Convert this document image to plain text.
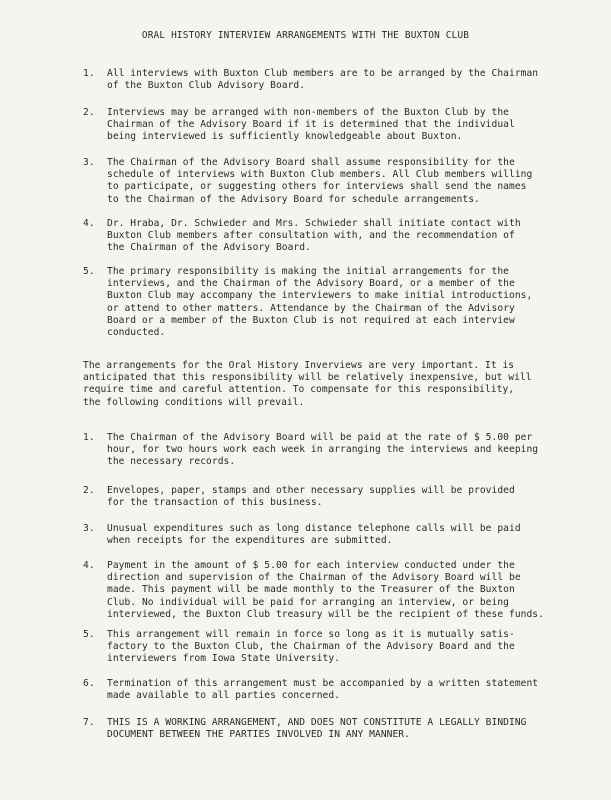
ORAL HISTORY INTERVIEW ARRANGEMENTS WITH THE BUXTON CLUB
1.	All interviews with Buxton Club members are to be arranged by the Chairman
of the Buxton Club Advisory Board.
2.	Interviews may be arranged with non-members of the Buxton Club by the
Chairman of the Advisory Board if it is determined that the individual
being interviewed is sufficiently knowledgeable about Buxton.
3.	The Chairman of the Advisory Board shall assume responsibility for the
schedule of interviews with Buxton Club members. All Club members willing
to participate, or suggesting others for interviews shall send the names
to the Chairman of the Advisory Board for schedule arrangements.
4.	Dr. Hraba, Dr. Schwieder and Mrs. Schwieder shall initiate contact with
Buxton Club members after consultation with, and the recommendation of
the Chairman of the Advisory Board.
5.	The primary responsibility is making the initial arrangements for the
interviews, and the Chairman of the Advisory Board, or a member of the
Buxton Club may accompany the interviewers to make initial introductions,
or attend to other matters. Attendance by the Chairman of the Advisory
Board or a member of the Buxton Club is not required at each interview
conducted.
The arrangements for the Oral History Inverviews are very important. It is
anticipated that this responsibility will be relatively inexpensive, but will
require time and careful attention. To compensate for this responsibility,
the following conditions will prevail.
1.	The Chairman of the Advisory Board will be paid at the rate of $ 5.00 per
hour, for two hours work each week in arranging the interviews and keeping
the necessary records.
2.	Envelopes, paper, stamps and other necessary supplies will be provided
for the transaction of this business.
3.	Unusual expenditures such as long distance telephone calls will be paid
when receipts for the expenditures are submitted.
4.	Payment in the amount of $ 5.00 for each interview conducted under the
direction and supervision of the Chairman of the Advisory Board will be
made. This payment will be made monthly to the Treasurer of the Buxton
Club. No individual will be paid for arranging an interview, or being
interviewed, the Buxton Club treasury will be the recipient of these funds.
5.	This arrangement will remain in force so long as it is mutually satis-
factory to the Buxton Club, the Chairman of the Advisory Board and the
interviewers from Iowa State University.
6.	Termination of this arrangement must be accompanied by a written statement
made available to all parties concerned.
7.	THIS IS A WORKING ARRANGEMENT, AND DOES NOT CONSTITUTE A LEGALLY BINDING
DOCUMENT BETWEEN THE PARTIES INVOLVED IN ANY MANNER.
